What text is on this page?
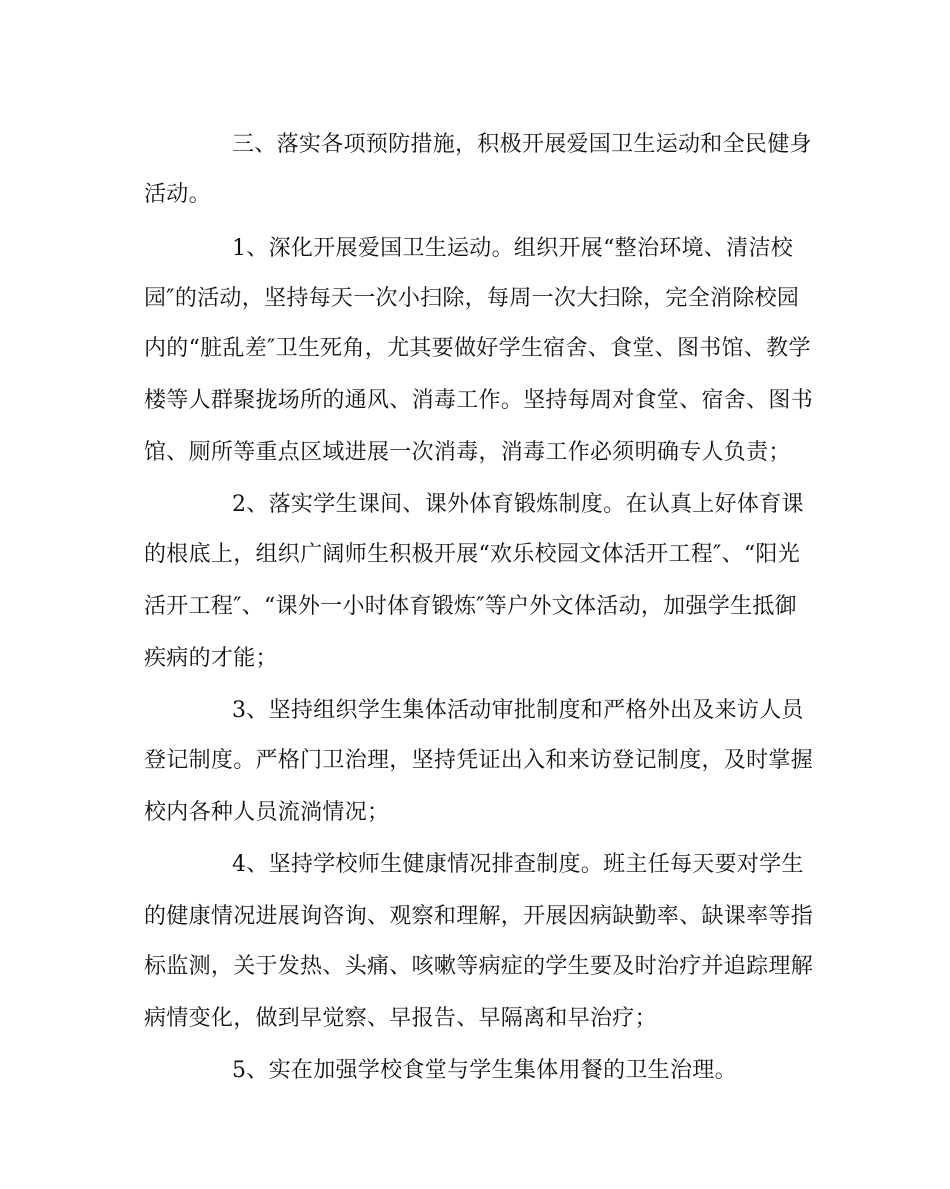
三、落实各项预防措施，积极开展爱国卫生运动和全民健身
活动。
1、深化开展爱国卫生运动。组织开展“整治环境、清洁校
园″的活动，坚持每天一次小扫除，每周一次大扫除，完全消除校园
内的“脏乱差″卫生死角，尤其要做好学生宿舍、食堂、图书馆、教学
楼等人群聚拢场所的通风、消毒工作。坚持每周对食堂、宿舍、图书
馆、厕所等重点区域进展一次消毒，消毒工作必须明确专人负责；
2、落实学生课间、课外体育锻炼制度。在认真上好体育课
的根底上，组织广阔师生积极开展“欢乐校园文体活开工程″、“阳光
活开工程″、“课外一小时体育锻炼″等户外文体活动，加强学生抵御
疾病的才能；
3、坚持组织学生集体活动审批制度和严格外出及来访人员
登记制度。严格门卫治理，坚持凭证出入和来访登记制度，及时掌握
校内各种人员流淌情况；
4、坚持学校师生健康情况排查制度。班主任每天要对学生
的健康情况进展询咨询、观察和理解，开展因病缺勤率、缺课率等指
标监测，关于发热、头痛、咳嗽等病症的学生要及时治疗并追踪理解
病情变化，做到早觉察、早报告、早隔离和早治疗；
5、实在加强学校食堂与学生集体用餐的卫生治理。
